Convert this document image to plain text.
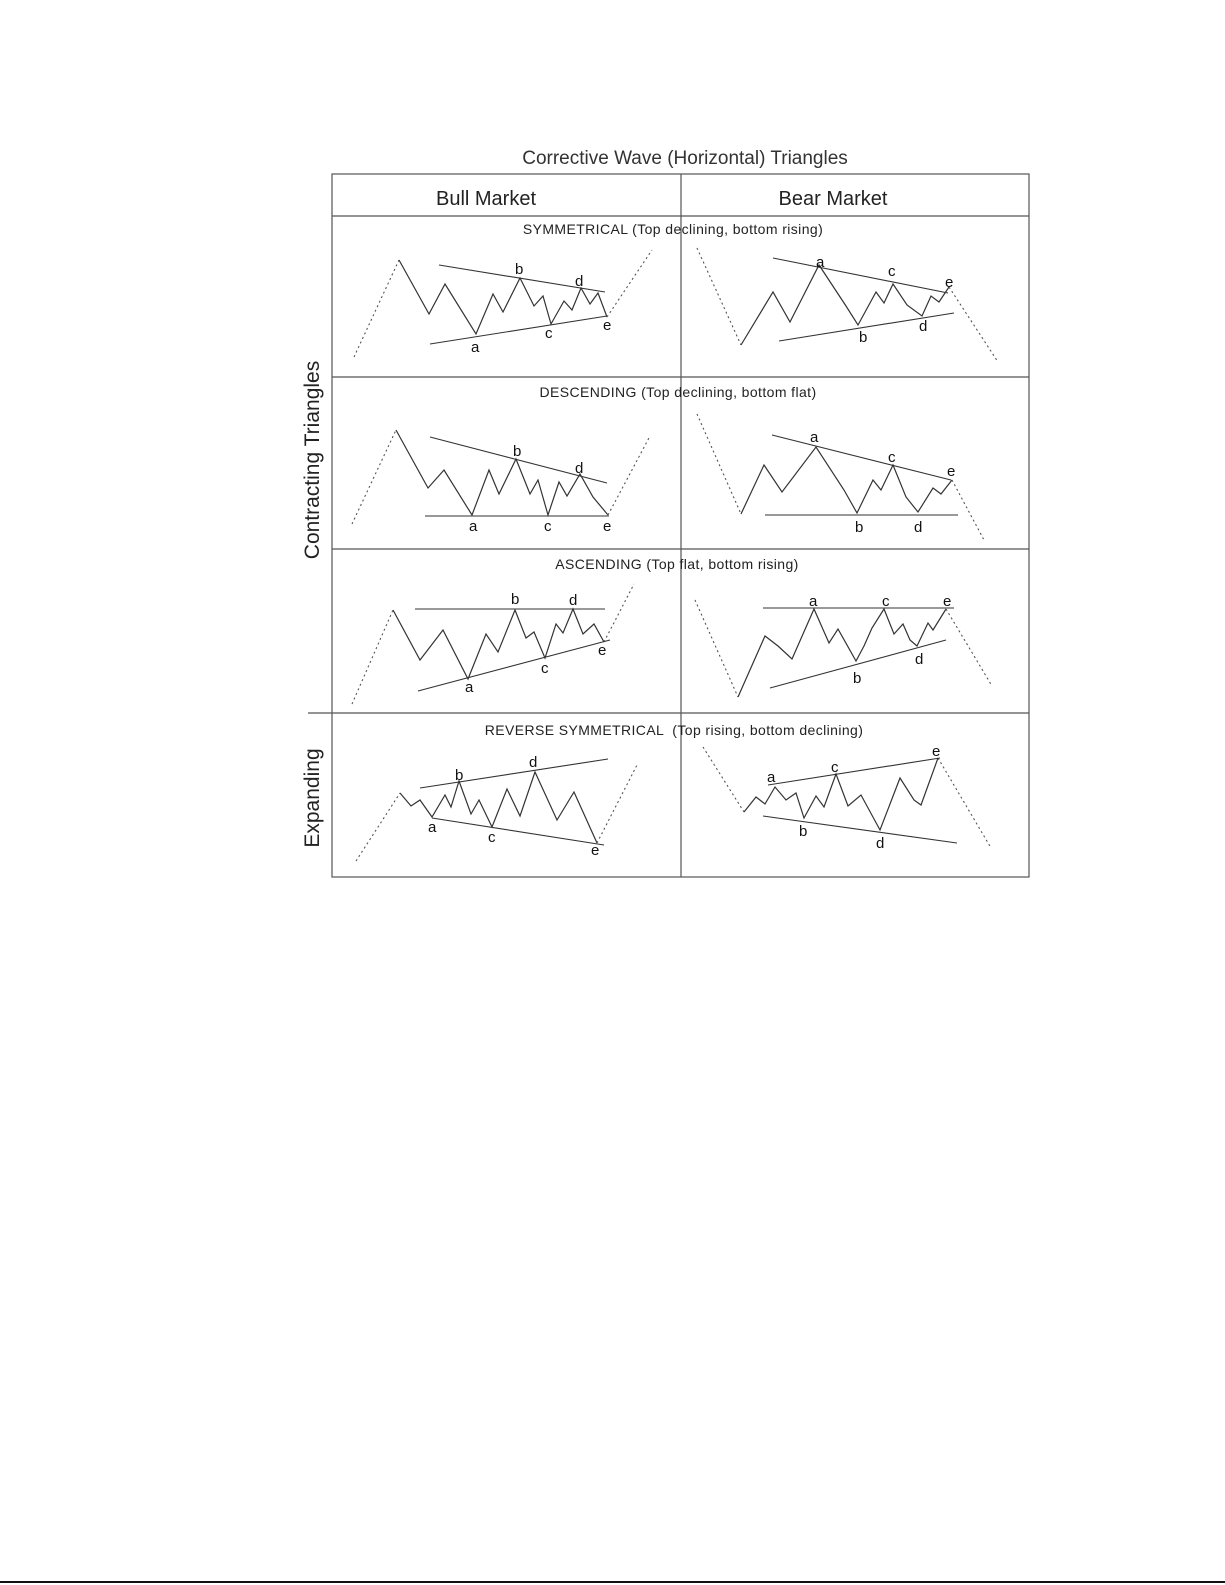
Corrective Wave (Horizontal) Triangles
Bull Market	Bear Market
Contracting Triangles
Expanding
SYMMETRICAL (Top declining, bottom rising)
DESCENDING (Top declining, bottom flat)
ASCENDING (Top flat, bottom rising)
REVERSE SYMMETRICAL  (Top rising, bottom declining)
a
b
c
d
e
a
b
c
d
e
a
b
c
d
e
a
b
c
d
e
a
b
c
d
e
a
b
c
d
e
a
b
c
d
e
a
b
c
d
e
